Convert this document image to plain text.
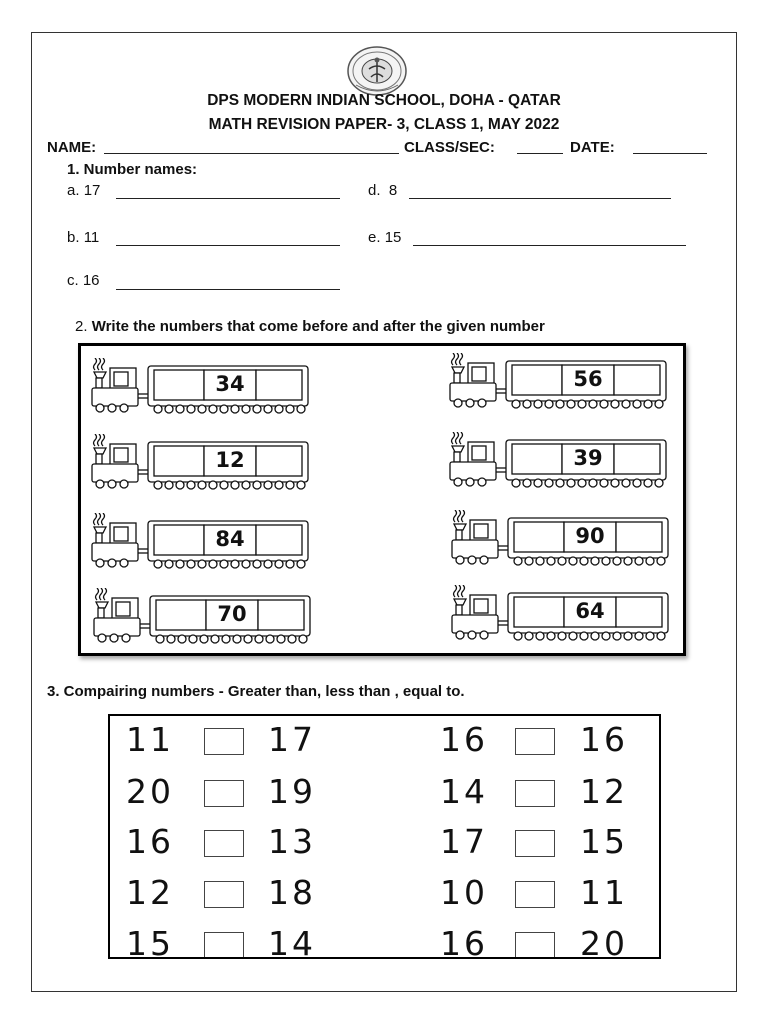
DPS MODERN INDIAN SCHOOL, DOHA - QATAR
MATH REVISION PAPER- 3, CLASS 1, MAY 2022
NAME:	CLASS/SEC:	DATE:
1. Number names:
a. 17	d. 8
b. 11	e. 15
c. 16
2. Write the numbers that come before and after the given number
34	56
12	39
84	90
70	64
3. Compairing numbers - Greater than, less than , equal to.
11	17	16	16
20	19	14	12
16	13	17	15
12	18	10	11
15	14	16	20
